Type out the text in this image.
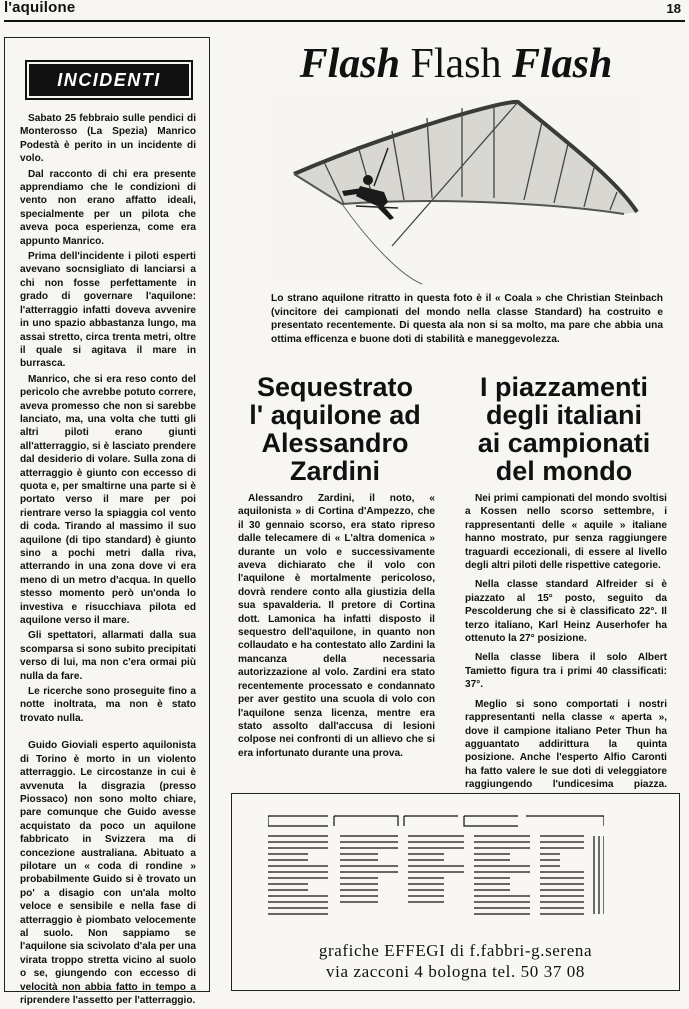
l'aquilone	18
INCIDENTI

Sabato 25 febbraio sulle pendici di Monterosso (La Spezia) Manrico Podestà è perito in un incidente di volo.

Dal racconto di chi era presente apprendiamo che le condizioni di vento non erano affatto ideali, specialmente per un pilota che aveva poca esperienza, come era appunto Manrico.

Prima dell'incidente i piloti esperti avevano socnsigliato di lanciarsi a chi non fosse perfettamente in grado di governare l'aquilone: l'atterraggio infatti doveva avvenire in uno spazio abbastanza lungo, ma assai stretto, circa trenta metri, oltre il quale si agitava il mare in burrasca.

Manrico, che si era reso conto del pericolo che avrebbe potuto correre, aveva promesso che non si sarebbe lanciato, ma, una volta che tutti gli altri piloti erano giunti all'atterraggio, si è lasciato prendere dal desiderio di volare. Sulla zona di atterraggio è giunto con eccesso di quota e, per smaltirne una parte si è portato verso il mare per poi rientrare verso la spiaggia col vento di coda. Tirando al massimo il suo aquilone (di tipo standard) è giunto sino a pochi metri dalla riva, atterrando in una zona dove vi era meno di un metro d'acqua. In quello stesso momento però un'onda lo investiva e risucchiava pilota ed aquilone verso il mare.

Gli spettatori, allarmati dalla sua scomparsa si sono subito precipitati verso di lui, ma non c'era ormai più nulla da fare.

Le ricerche sono proseguite fino a notte inoltrata, ma non è stato trovato nulla.

Guido Gioviali esperto aquilonista di Torino è morto in un violento atterraggio. Le circostanze in cui è avvenuta la disgrazia (presso Piossaco) non sono molto chiare, pare comunque che Guido avesse acquistato da poco un aquilone fabbricato in Svizzera ma di concezione australiana. Abituato a pilotare un « coda di rondine » probabilmente Guido si è trovato un po' a disagio con un'ala molto veloce e sensibile e nella fase di atterraggio è piombato velocemente al suolo. Non sappiamo se l'aquilone sia scivolato d'ala per una virata troppo stretta vicino al suolo o se, giungendo con eccesso di velocità non abbia fatto in tempo a riprendere l'assetto per l'atterraggio.

Flash Flash Flash
Lo strano aquilone ritratto in questa foto è il « Coala » che Christian Steinbach (vincitore dei campionati del mondo nella classe Standard) ha costruito e presentato recentemente. Di questa ala non si sa molto, ma pare che abbia una ottima efficenza e buone doti di stabilità e maneggevolezza.
Sequestrato
l' aquilone ad
Alessandro
Zardini

Alessandro Zardini, il noto, « aquilonista » di Cortina d'Ampezzo, che il 30 gennaio scorso, era stato ripreso dalle telecamere di « L'altra domenica » durante un volo e successivamente aveva dichiarato che il volo con l'aquilone è mortalmente pericoloso, dovrà rendere conto alla giustizia della sua spavalderia. Il pretore di Cortina dott. Lamonica ha infatti disposto il sequestro dell'aquilone, in quanto non collaudato e ha contestato allo Zardini la mancanza della necessaria autorizzazione al volo. Zardini era stato recentemente processato e condannato per aver gestito una scuola di volo con l'aquilone senza licenza, mentre era stato assolto dall'accusa di lesioni colpose nei confronti di un allievo che si era infortunato durante una prova.

I piazzamenti
degli italiani
ai campionati
del mondo

Nei primi campionati del mondo svoltisi a Kossen nello scorso settembre, i rappresentanti delle « aquile » italiane hanno mostrato, pur senza raggiungere traguardi eccezionali, di essere al livello degli altri piloti delle rispettive categorie.

Nella classe standard Alfreider si è piazzato al 15° posto, seguito da Pescolderung che si è classificato 22°. Il terzo italiano, Karl Heinz Auserhofer ha ottenuto la 27° posizione.

Nella classe libera il solo Albert Tamietto figura tra i primi 40 classificati: 37°.

Meglio si sono comportati i nostri rappresentanti nella classe « aperta », dove il campione italiano Peter Thun ha agguantato addirittura la quinta posizione. Anche l'esperto Alfio Caronti ha fatto valere le sue doti di veleggiatore raggiungendo l'undicesima piazza.

EFFEGI
grafiche EFFEGI di f.fabbri-g.serena
via zacconi 4 bologna tel. 50 37 08
